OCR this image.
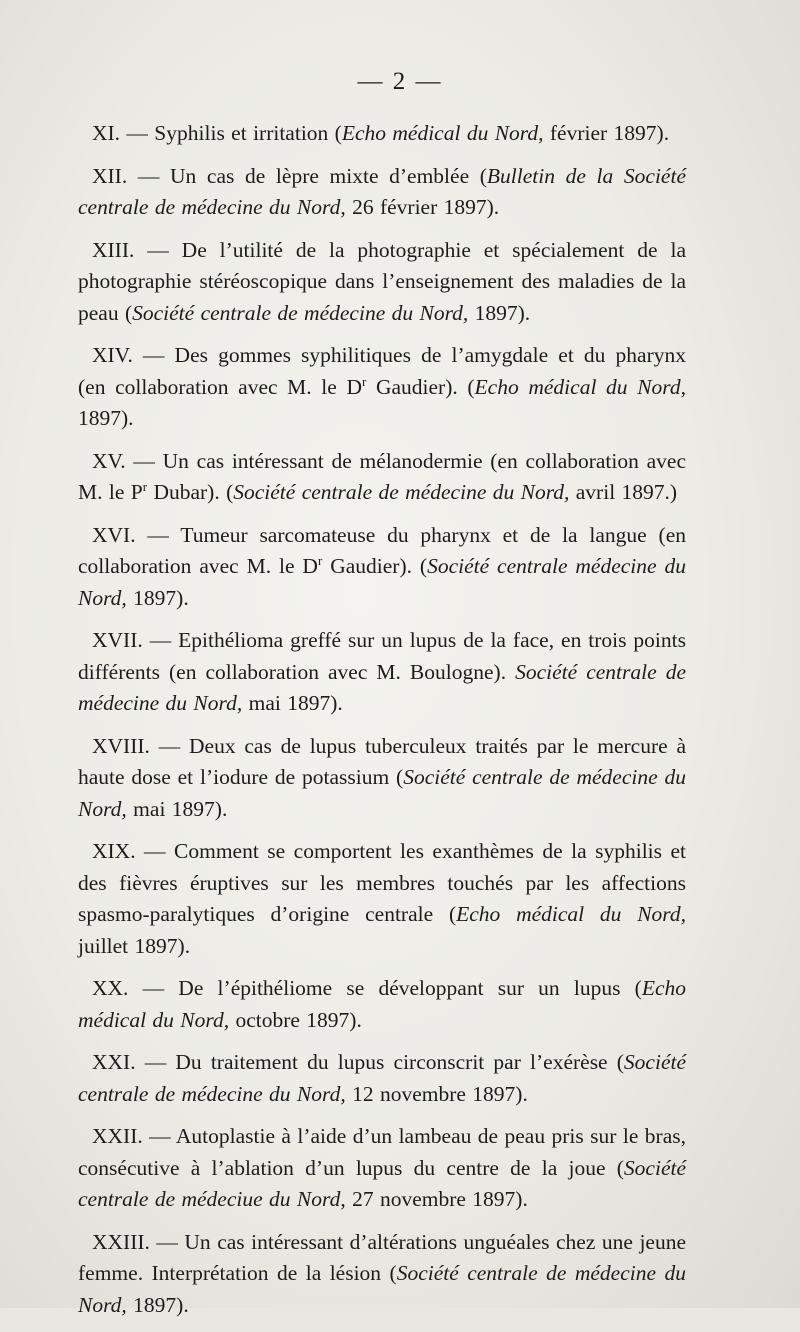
— 2 —

XI. — Syphilis et irritation (Echo médical du Nord, février 1897).

XII. — Un cas de lèpre mixte d’emblée (Bulletin de la Société centrale de médecine du Nord, 26 février 1897).

XIII. — De l’utilité de la photographie et spécialement de la photographie stéréoscopique dans l’enseignement des maladies de la peau (Société centrale de médecine du Nord, 1897).

XIV. — Des gommes syphilitiques de l’amygdale et du pharynx (en collaboration avec M. le $D^r$ Gaudier). (Echo médical du Nord, 1897).

XV. — Un cas intéressant de mélanodermie (en collaboration avec M. le $P^r$ Dubar). (Société centrale de médecine du Nord, avril 1897.)

XVI. — Tumeur sarcomateuse du pharynx et de la langue (en collaboration avec M. le $D^r$ Gaudier). (Société centrale médecine du Nord, 1897).

XVII. — Epithélioma greffé sur un lupus de la face, en trois points différents (en collaboration avec M. Boulogne). Société centrale de médecine du Nord, mai 1897).

XVIII. — Deux cas de lupus tuberculeux traités par le mercure à haute dose et l’iodure de potassium (Société centrale de médecine du Nord, mai 1897).

XIX. — Comment se comportent les exanthèmes de la syphilis et des fièvres éruptives sur les membres touchés par les affections spasmo-paralytiques d’origine centrale (Echo médical du Nord, juillet 1897).

XX. — De l’épithéliome se développant sur un lupus (Echo médical du Nord, octobre 1897).

XXI. — Du traitement du lupus circonscrit par l’exérèse (Société centrale de médecine du Nord, 12 novembre 1897).

XXII. — Autoplastie à l’aide d’un lambeau de peau pris sur le bras, consécutive à l’ablation d’un lupus du centre de la joue (Société centrale de médeciue du Nord, 27 novembre 1897).

XXIII. — Un cas intéressant d’altérations unguéales chez une jeune femme. Interprétation de la lésion (Société centrale de médecine du Nord, 1897).
